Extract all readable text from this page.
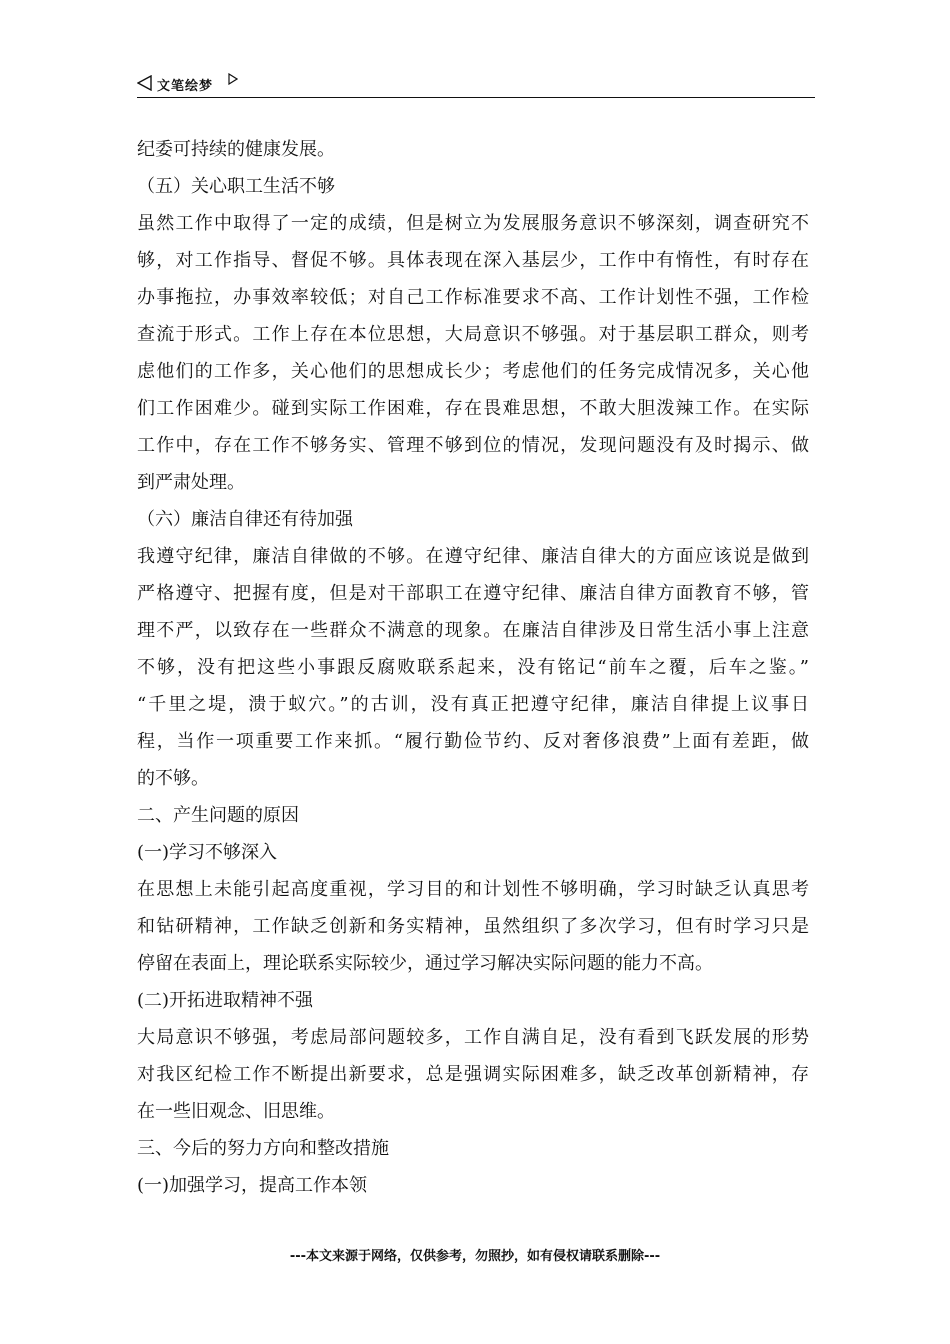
文笔绘梦
纪委可持续的健康发展。
（五）关心职工生活不够
虽然工作中取得了一定的成绩，但是树立为发展服务意识不够深刻，调查研究不
够，对工作指导、督促不够。具体表现在深入基层少，工作中有惰性，有时存在
办事拖拉，办事效率较低；对自己工作标准要求不高、工作计划性不强，工作检
查流于形式。工作上存在本位思想，大局意识不够强。对于基层职工群众，则考
虑他们的工作多，关心他们的思想成长少；考虑他们的任务完成情况多，关心他
们工作困难少。碰到实际工作困难，存在畏难思想，不敢大胆泼辣工作。在实际
工作中，存在工作不够务实、管理不够到位的情况，发现问题没有及时揭示、做
到严肃处理。
（六）廉洁自律还有待加强
我遵守纪律，廉洁自律做的不够。在遵守纪律、廉洁自律大的方面应该说是做到
严格遵守、把握有度，但是对干部职工在遵守纪律、廉洁自律方面教育不够，管
理不严，以致存在一些群众不满意的现象。在廉洁自律涉及日常生活小事上注意
不够，没有把这些小事跟反腐败联系起来，没有铭记“前车之覆，后车之鉴。”
“千里之堤，溃于蚁穴。”的古训，没有真正把遵守纪律，廉洁自律提上议事日
程，当作一项重要工作来抓。“履行勤俭节约、反对奢侈浪费”上面有差距，做
的不够。
二、产生问题的原因
(一)学习不够深入
在思想上未能引起高度重视，学习目的和计划性不够明确，学习时缺乏认真思考
和钻研精神，工作缺乏创新和务实精神，虽然组织了多次学习，但有时学习只是
停留在表面上，理论联系实际较少，通过学习解决实际问题的能力不高。
(二)开拓进取精神不强
大局意识不够强，考虑局部问题较多，工作自满自足，没有看到飞跃发展的形势
对我区纪检工作不断提出新要求，总是强调实际困难多，缺乏改革创新精神，存
在一些旧观念、旧思维。
三、今后的努力方向和整改措施
(一)加强学习，提高工作本领
---本文来源于网络，仅供参考，勿照抄，如有侵权请联系删除---
